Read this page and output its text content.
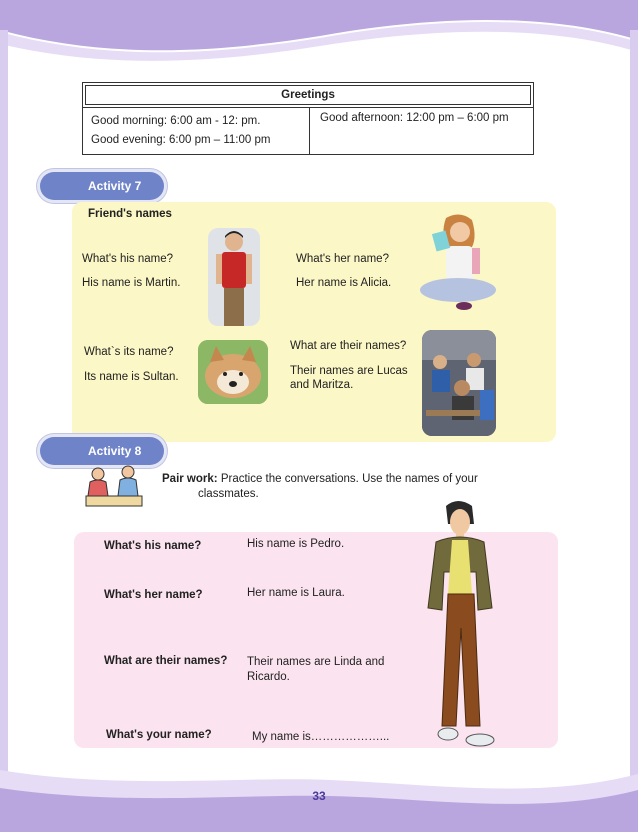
Greetings

Good morning: 6:00 am - 12: pm.
Good evening: 6:00 pm – 11:00 pm

Good afternoon: 12:00 pm – 6:00 pm
Activity 7
Friend's names
What's his name?
His name is Martin.
What's her name?
Her name is Alicia.
What`s its name?
Its name is Sultan.
What are their names?
Their names are Lucas
and Maritza.
Activity 8
Pair work: Practice the conversations. Use the names of your
classmates.
What's his name?	His name is Pedro.
What's her name?	Her name is Laura.
What are their names? Their names are Linda and
Ricardo.
What's your name?	My name is………………...
33
